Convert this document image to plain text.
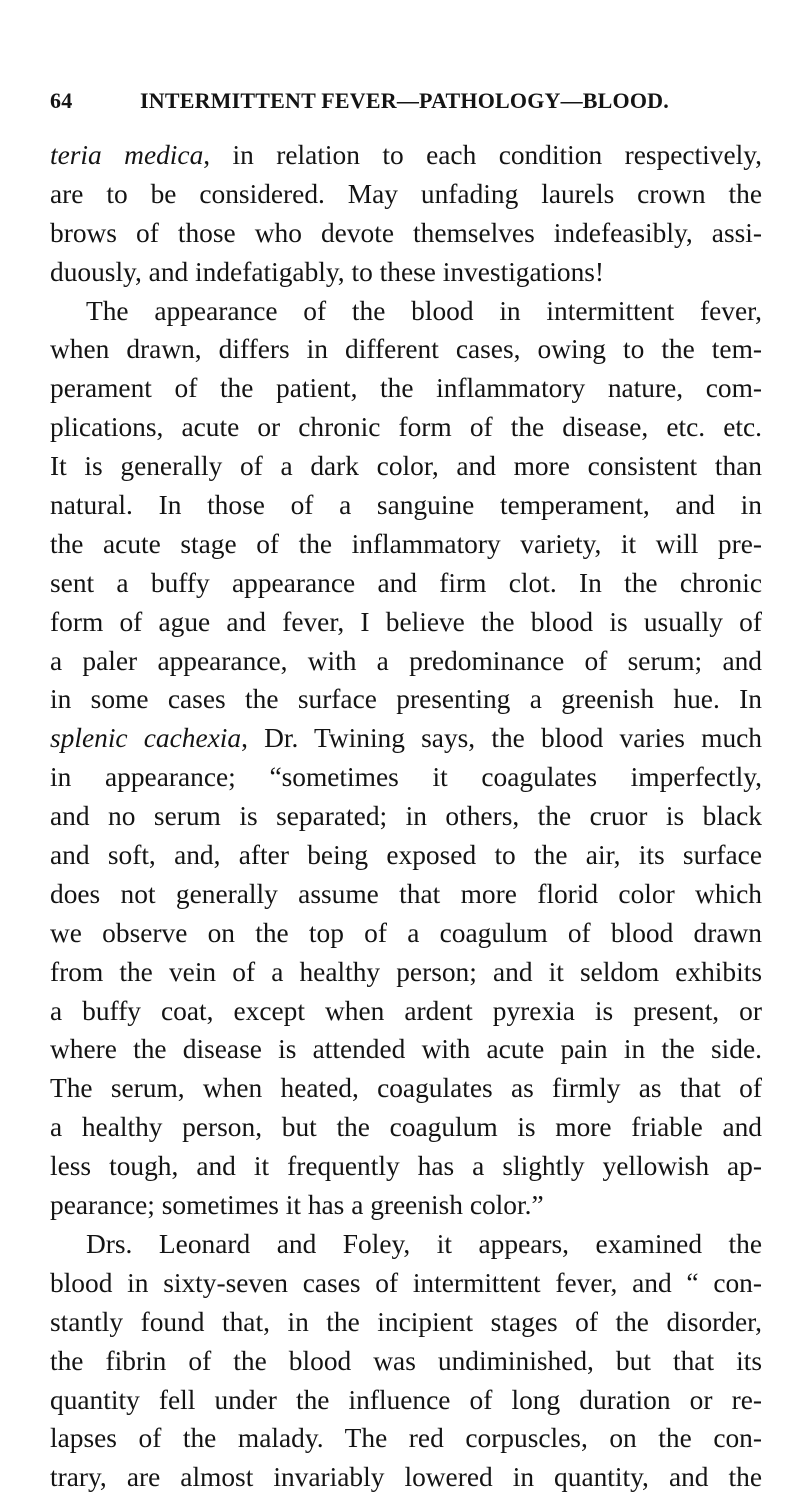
64	INTERMITTENT FEVER—PATHOLOGY—BLOOD.
teria medica, in relation to each condition respectively,
are to be considered. May unfading laurels crown the
brows of those who devote themselves indefeasibly, assi-
duously, and indefatigably, to these investigations!
The appearance of the blood in intermittent fever,
when drawn, differs in different cases, owing to the tem-
perament of the patient, the inflammatory nature, com-
plications, acute or chronic form of the disease, etc. etc.
It is generally of a dark color, and more consistent than
natural. In those of a sanguine temperament, and in
the acute stage of the inflammatory variety, it will pre-
sent a buffy appearance and firm clot. In the chronic
form of ague and fever, I believe the blood is usually of
a paler appearance, with a predominance of serum; and
in some cases the surface presenting a greenish hue. In
splenic cachexia, Dr. Twining says, the blood varies much
in appearance; “sometimes it coagulates imperfectly,
and no serum is separated; in others, the cruor is black
and soft, and, after being exposed to the air, its surface
does not generally assume that more florid color which
we observe on the top of a coagulum of blood drawn
from the vein of a healthy person; and it seldom exhibits
a buffy coat, except when ardent pyrexia is present, or
where the disease is attended with acute pain in the side.
The serum, when heated, coagulates as firmly as that of
a healthy person, but the coagulum is more friable and
less tough, and it frequently has a slightly yellowish ap-
pearance; sometimes it has a greenish color.”
Drs. Leonard and Foley, it appears, examined the
blood in sixty-seven cases of intermittent fever, and “ con-
stantly found that, in the incipient stages of the disorder,
the fibrin of the blood was undiminished, but that its
quantity fell under the influence of long duration or re-
lapses of the malady. The red corpuscles, on the con-
trary, are almost invariably lowered in quantity, and the
